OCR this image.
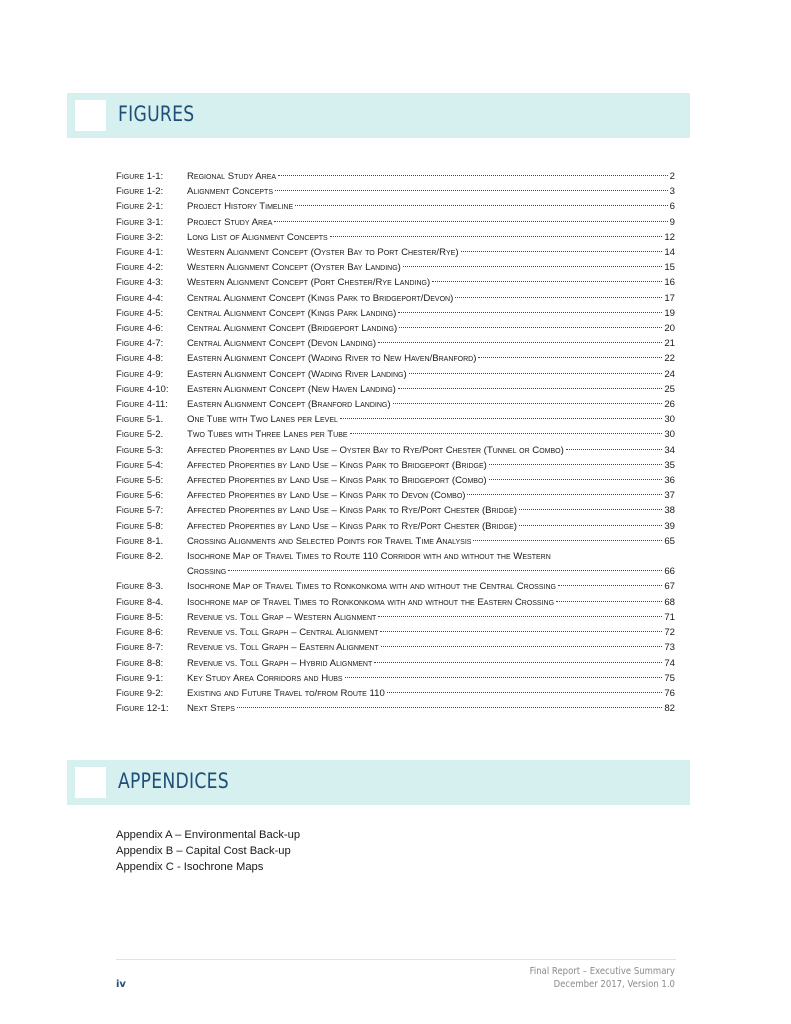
FIGURES
Figure 1-1:	Regional Study Area	2
Figure 1-2:	Alignment Concepts	3
Figure 2-1:	Project History Timeline	6
Figure 3-1:	Project Study Area	9
Figure 3-2:	Long List of Alignment Concepts	12
Figure 4-1:	Western Alignment Concept (Oyster Bay to Port Chester/Rye)	14
Figure 4-2:	Western Alignment Concept (Oyster Bay Landing)	15
Figure 4-3:	Western Alignment Concept (Port Chester/Rye Landing)	16
Figure 4-4:	Central Alignment Concept (Kings Park to Bridgeport/Devon)	17
Figure 4-5:	Central Alignment Concept (Kings Park Landing)	19
Figure 4-6:	Central Alignment Concept (Bridgeport Landing)	20
Figure 4-7:	Central Alignment Concept (Devon Landing)	21
Figure 4-8:	Eastern Alignment Concept (Wading River to New Haven/Branford)	22
Figure 4-9:	Eastern Alignment Concept (Wading River Landing)	24
Figure 4-10:	Eastern Alignment Concept (New Haven Landing)	25
Figure 4-11:	Eastern Alignment Concept (Branford Landing)	26
Figure 5-1.	One Tube with Two Lanes per Level	30
Figure 5-2.	Two Tubes with Three Lanes per Tube	30
Figure 5-3:	Affected Properties by Land Use – Oyster Bay to Rye/Port Chester (Tunnel or Combo)	34
Figure 5-4:	Affected Properties by Land Use – Kings Park to Bridgeport (Bridge)	35
Figure 5-5:	Affected Properties by Land Use – Kings Park to Bridgeport (Combo)	36
Figure 5-6:	Affected Properties by Land Use – Kings Park to Devon (Combo)	37
Figure 5-7:	Affected Properties by Land Use – Kings Park to Rye/Port Chester (Bridge)	38
Figure 5-8:	Affected Properties by Land Use – Kings Park to Rye/Port Chester (Bridge)	39
Figure 8-1.	Crossing Alignments and Selected Points for Travel Time Analysis	65
Figure 8-2.	Isochrone Map of Travel Times to Route 110 Corridor with and without the Western
Crossing	66
Figure 8-3.	Isochrone Map of Travel Times to Ronkonkoma with and without the Central Crossing	67
Figure 8-4.	Isochrone map of Travel Times to Ronkonkoma with and without the Eastern Crossing	68
Figure 8-5:	Revenue vs. Toll Grap – Western Alignment	71
Figure 8-6:	Revenue vs. Toll Graph – Central Alignment	72
Figure 8-7:	Revenue vs. Toll Graph – Eastern Alignment	73
Figure 8-8:	Revenue vs. Toll Graph – Hybrid Alignment	74
Figure 9-1:	Key Study Area Corridors and Hubs	75
Figure 9-2:	Existing and Future Travel to/from Route 110	76
Figure 12-1:	Next Steps	82
APPENDICES
Appendix A – Environmental Back-up
Appendix B – Capital Cost Back-up
Appendix C - Isochrone Maps
iv
Final Report – Executive Summary
December 2017, Version 1.0
